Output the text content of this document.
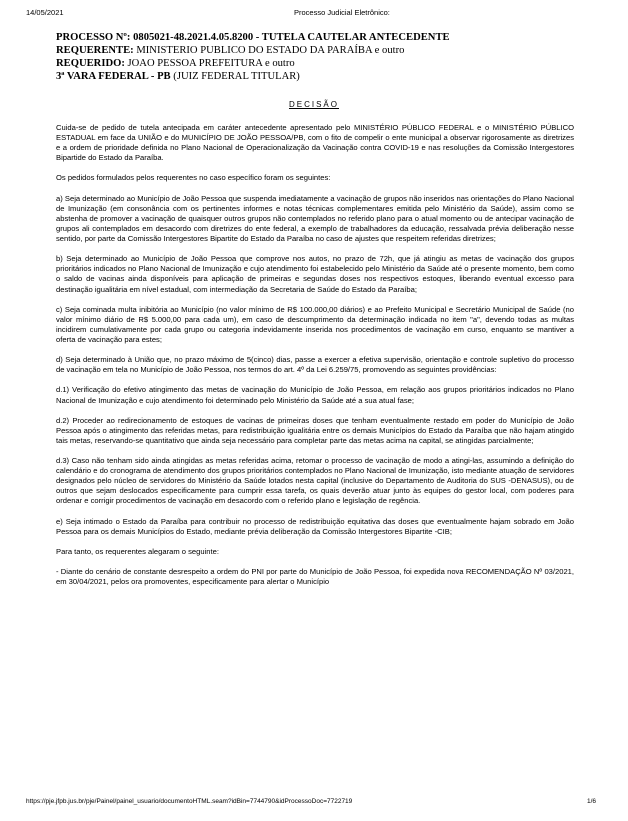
14/05/2021	Processo Judicial Eletrônico:
PROCESSO Nº: 0805021-48.2021.4.05.8200 - TUTELA CAUTELAR ANTECEDENTE
REQUERENTE: MINISTERIO PUBLICO DO ESTADO DA PARAÍBA e outro
REQUERIDO: JOAO PESSOA PREFEITURA e outro
3ª VARA FEDERAL - PB (JUIZ FEDERAL TITULAR)
DECISÃO

Cuida-se de pedido de tutela antecipada em caráter antecedente apresentado pelo MINISTÉRIO PÚBLICO FEDERAL e o MINISTÉRIO PÚBLICO ESTADUAL em face da UNIÃO e do MUNICÍPIO DE JOÃO PESSOA/PB, com o fito de compelir o ente municipal a observar rigorosamente as diretrizes e a ordem de prioridade definida no Plano Nacional de Operacionalização da Vacinação contra COVID-19 e nas resoluções da Comissão Intergestores Bipartide do Estado da Paraíba.

Os pedidos formulados pelos requerentes no caso específico foram os seguintes:

a) Seja determinado ao Município de João Pessoa que suspenda imediatamente a vacinação de grupos não inseridos nas orientações do Plano Nacional de Imunização (em consonância com os pertinentes informes e notas técnicas complementares emitida pelo Ministério da Saúde), assim como se abstenha de promover a vacinação de quaisquer outros grupos não contemplados no referido plano para o atual momento ou de antecipar vacinação de grupos ali contemplados em desacordo com diretrizes do ente federal, a exemplo de trabalhadores da educação, ressalvada prévia deliberação nesse sentido, por parte da Comissão Intergestores Bipartite do Estado da Paraíba no caso de ajustes que respeitem referidas diretrizes;

b) Seja determinado ao Município de João Pessoa que comprove nos autos, no prazo de 72h, que já atingiu as metas de vacinação dos grupos prioritários indicados no Plano Nacional de Imunização e cujo atendimento foi estabelecido pelo Ministério da Saúde até o presente momento, bem como o saldo de vacinas ainda disponíveis para aplicação de primeiras e segundas doses nos respectivos estoques, liberando eventual excesso para destinação igualitária em nível estadual, com intermediação da Secretaria de Saúde do Estado da Paraíba;

c) Seja cominada multa inibitória ao Município (no valor mínimo de R$ 100.000,00 diários) e ao Prefeito Municipal e Secretário Municipal de Saúde (no valor mínimo diário de R$ 5.000,00 para cada um), em caso de descumprimento da determinação indicada no item "a", devendo todas as multas incidirem cumulativamente por cada grupo ou categoria indevidamente inserida nos procedimentos de vacinação em curso, enquanto se mantiver a oferta de vacinação para estes;

d) Seja determinado à União que, no prazo máximo de 5(cinco) dias, passe a exercer a efetiva supervisão, orientação e controle supletivo do processo de vacinação em tela no Município de João Pessoa, nos termos do art. 4º da Lei 6.259/75, promovendo as seguintes providências:

d.1) Verificação do efetivo atingimento das metas de vacinação do Município de João Pessoa, em relação aos grupos prioritários indicados no Plano Nacional de Imunização e cujo atendimento foi determinado pelo Ministério da Saúde até a sua atual fase;

d.2) Proceder ao redirecionamento de estoques de vacinas de primeiras doses que tenham eventualmente restado em poder do Município de João Pessoa após o atingimento das referidas metas, para redistribuição igualitária entre os demais Municípios do Estado da Paraíba que não hajam atingido tais metas, reservando-se quantitativo que ainda seja necessário para completar parte das metas acima na capital, se atingidas parcialmente;

d.3) Caso não tenham sido ainda atingidas as metas referidas acima, retomar o processo de vacinação de modo a atingi-las, assumindo a definição do calendário e do cronograma de atendimento dos grupos prioritários contemplados no Plano Nacional de Imunização, isto mediante atuação de servidores designados pelo núcleo de servidores do Ministério da Saúde lotados nesta capital (inclusive do Departamento de Auditoria do SUS -DENASUS), ou de outros que sejam deslocados especificamente para cumprir essa tarefa, os quais deverão atuar junto às equipes do gestor local, com poderes para ordenar e corrigir procedimentos de vacinação em desacordo com o referido plano e legislação de regência.

e) Seja intimado o Estado da Paraíba para contribuir no processo de redistribuição equitativa das doses que eventualmente hajam sobrado em João Pessoa para os demais Municípios do Estado, mediante prévia deliberação da Comissão Intergestores Bipartite -CIB;

Para tanto, os requerentes alegaram o seguinte:

- Diante do cenário de constante desrespeito a ordem do PNI por parte do Município de João Pessoa, foi expedida nova RECOMENDAÇÃO Nº 03/2021, em 30/04/2021, pelos ora promoventes, especificamente para alertar o Município

https://pje.jfpb.jus.br/pje/Painel/painel_usuario/documentoHTML.seam?idBin=7744790&idProcessoDoc=7722719	1/6
